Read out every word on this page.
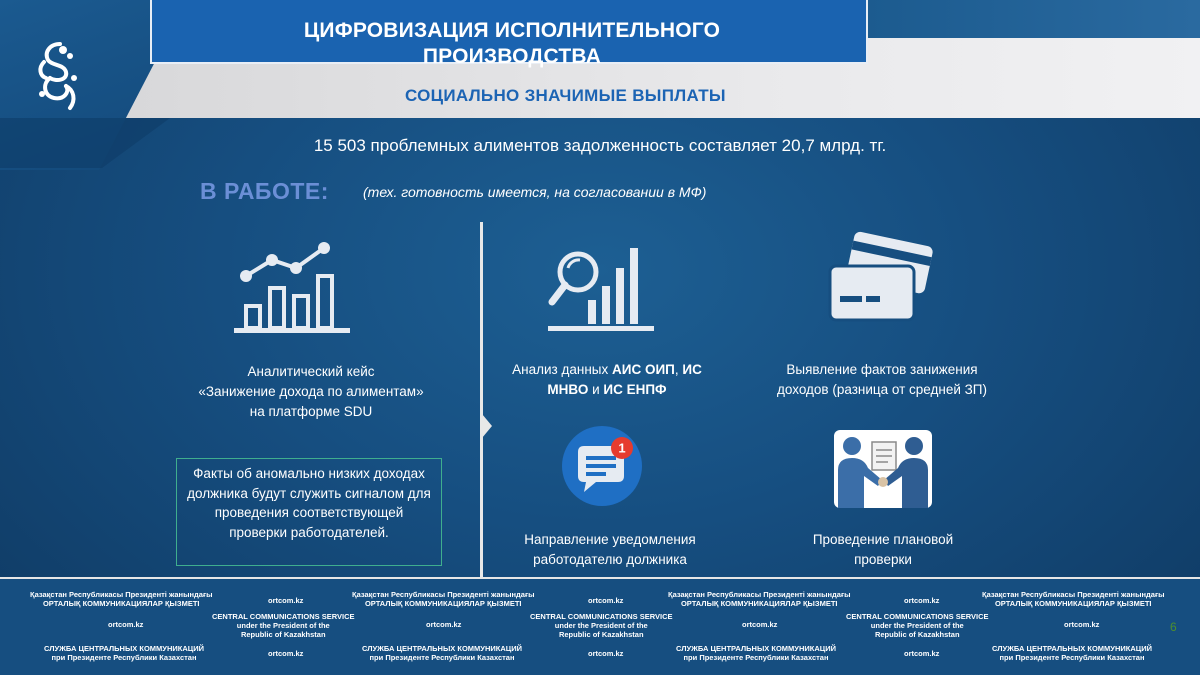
ЦИФРОВИЗАЦИЯ ИСПОЛНИТЕЛЬНОГО ПРОИЗВОДСТВА
СОЦИАЛЬНО ЗНАЧИМЫЕ ВЫПЛАТЫ
15 503 проблемных алиментов задолженность составляет 20,7 млрд. тг.
В РАБОТЕ: (тех. готовность имеется, на согласовании в МФ)
Аналитический кейс
«Занижение дохода по алиментам»
на платформе SDU
Анализ данных АИС ОИП, ИС МНВО и ИС ЕНПФ
Выявление фактов занижения доходов (разница от средней ЗП)
1
Факты об аномально низких доходах должника будут служить сигналом для проведения соответствующей проверки работодателей.	Направление уведомления работодателю должника
Проведение плановой проверки
Қазақстан Республикасы Президенті жанындағы
ОРТАЛЫҚ КОММУНИКАЦИЯЛАР ҚЫЗМЕТІ	ortcom.kz
ortcom.kz
CENTRAL COMMUNICATIONS SERVICE
under the President of the
Republic of Kazakhstan
СЛУЖБА ЦЕНТРАЛЬНЫХ КОММУНИКАЦИЙ
при Президенте Республики Казахстан	ortcom.kz
Қазақстан Республикасы Президенті жанындағы
ОРТАЛЫҚ КОММУНИКАЦИЯЛАР ҚЫЗМЕТІ	ortcom.kz
ortcom.kz
CENTRAL COMMUNICATIONS SERVICE
under the President of the
Republic of Kazakhstan
СЛУЖБА ЦЕНТРАЛЬНЫХ КОММУНИКАЦИЙ
при Президенте Республики Казахстан	ortcom.kz
Қазақстан Республикасы Президенті жанындағы
ОРТАЛЫҚ КОММУНИКАЦИЯЛАР ҚЫЗМЕТІ	ortcom.kz
ortcom.kz
CENTRAL COMMUNICATIONS SERVICE
under the President of the
Republic of Kazakhstan
СЛУЖБА ЦЕНТРАЛЬНЫХ КОММУНИКАЦИЙ
при Президенте Республики Казахстан	ortcom.kz
Қазақстан Республикасы Президенті жанындағы
ОРТАЛЫҚ КОММУНИКАЦИЯЛАР ҚЫЗМЕТІ
ortcom.kz
СЛУЖБА ЦЕНТРАЛЬНЫХ КОММУНИКАЦИЙ
при Президенте Республики Казахстан
6
